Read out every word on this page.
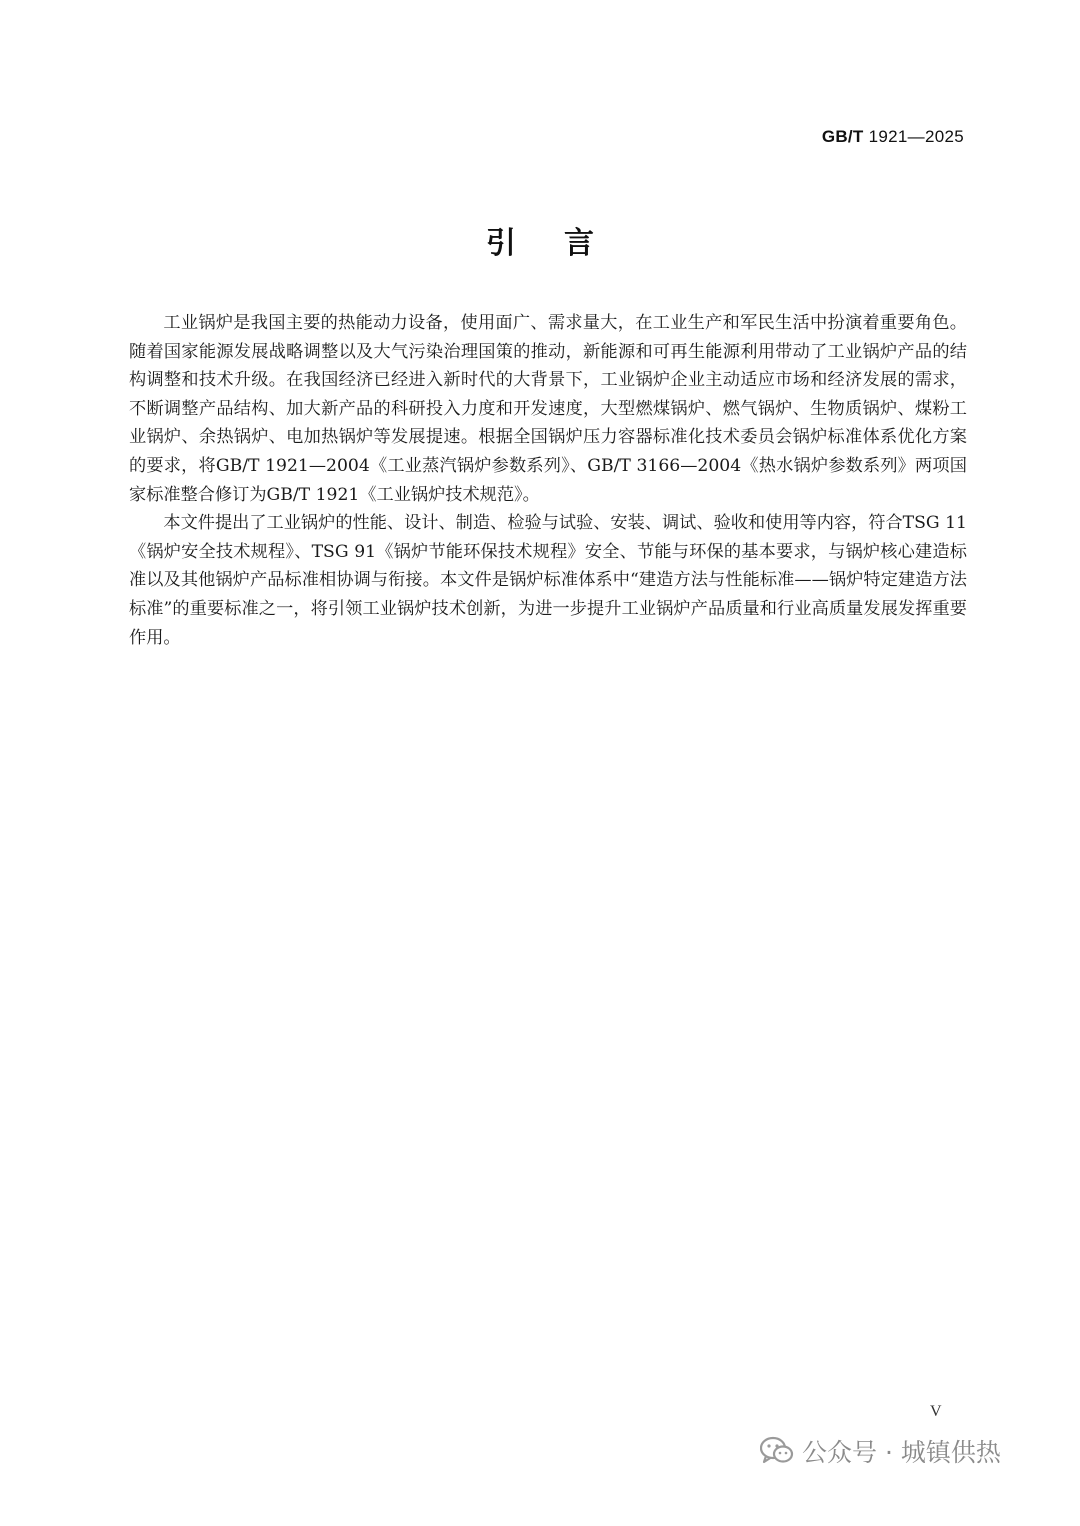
GB/T 1921—2025
引言

工业锅炉是我国主要的热能动力设备，使用面广、需求量大，在工业生产和军民生活中扮演着重要角色。随着国家能源发展战略调整以及大气污染治理国策的推动，新能源和可再生能源利用带动了工业锅炉产品的结构调整和技术升级。在我国经济已经进入新时代的大背景下，工业锅炉企业主动适应市场和经济发展的需求，不断调整产品结构、加大新产品的科研投入力度和开发速度，大型燃煤锅炉、燃气锅炉、生物质锅炉、煤粉工业锅炉、余热锅炉、电加热锅炉等发展提速。根据全国锅炉压力容器标准化技术委员会锅炉标准体系优化方案的要求，将GB/T 1921—2004《工业蒸汽锅炉参数系列》、GB/T 3166—2004《热水锅炉参数系列》两项国家标准整合修订为GB/T 1921《工业锅炉技术规范》。

本文件提出了工业锅炉的性能、设计、制造、检验与试验、安装、调试、验收和使用等内容，符合TSG 11《锅炉安全技术规程》、TSG 91《锅炉节能环保技术规程》安全、节能与环保的基本要求，与锅炉核心建造标准以及其他锅炉产品标准相协调与衔接。本文件是锅炉标准体系中“建造方法与性能标准——锅炉特定建造方法标准”的重要标准之一，将引领工业锅炉技术创新，为进一步提升工业锅炉产品质量和行业高质量发展发挥重要作用。

V
公众号 · 城镇供热
